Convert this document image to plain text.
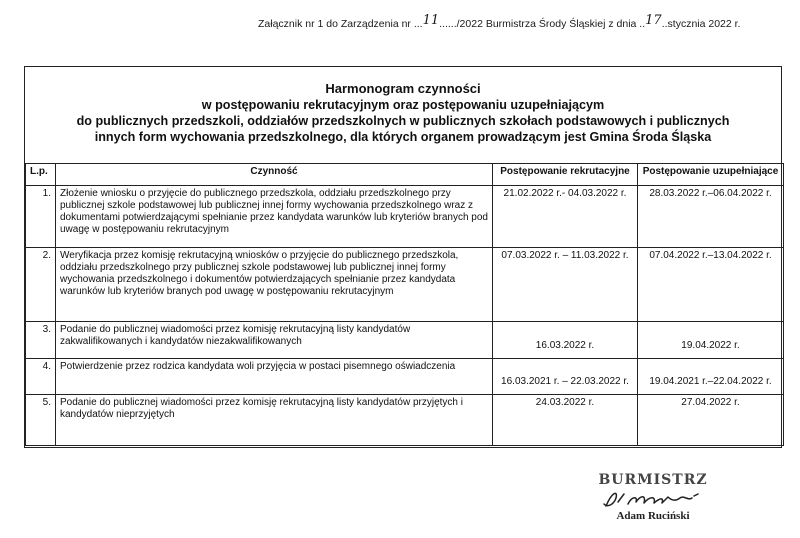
Załącznik nr 1 do Zarządzenia nr ...11....../2022 Burmistrza Środy Śląskiej z dnia ..17..stycznia 2022 r.
Harmonogram czynności
w postępowaniu rekrutacyjnym oraz postępowaniu uzupełniającym
do publicznych przedszkoli, oddziałów przedszkolnych w publicznych szkołach podstawowych i publicznych
innych form wychowania przedszkolnego, dla których organem prowadzącym jest Gmina Środa Śląska
L.p.	Czynność	Postępowanie rekrutacyjne	Postępowanie uzupełniające
1.	Złożenie wniosku o przyjęcie do publicznego przedszkola, oddziału przedszkolnego przy publicznej szkole podstawowej lub publicznej innej formy wychowania przedszkolnego wraz z dokumentami potwierdzającymi spełnianie przez kandydata warunków lub kryteriów branych pod uwagę w postępowaniu rekrutacyjnym	21.02.2022 r.- 04.03.2022 r.	28.03.2022 r.–06.04.2022 r.
2.	Weryfikacja przez komisję rekrutacyjną wniosków o przyjęcie do publicznego przedszkola, oddziału przedszkolnego przy publicznej szkole podstawowej lub publicznej innej formy wychowania przedszkolnego i dokumentów potwierdzających spełnianie przez kandydata warunków lub kryteriów branych pod uwagę w postępowaniu rekrutacyjnym	07.03.2022 r. – 11.03.2022 r.	07.04.2022 r.–13.04.2022 r.
3.	Podanie do publicznej wiadomości przez komisję rekrutacyjną listy kandydatów zakwalifikowanych i kandydatów niezakwalifikowanych	16.03.2022 r.	19.04.2022 r.
4.	Potwierdzenie przez rodzica kandydata woli przyjęcia w postaci pisemnego oświadczenia	16.03.2021 r. – 22.03.2022 r.	19.04.2021 r.–22.04.2022 r.
5.	Podanie do publicznej wiadomości przez komisję rekrutacyjną listy kandydatów przyjętych i kandydatów nieprzyjętych	24.03.2022 r.	27.04.2022 r.
BURMISTRZ
Adam Ruciński
